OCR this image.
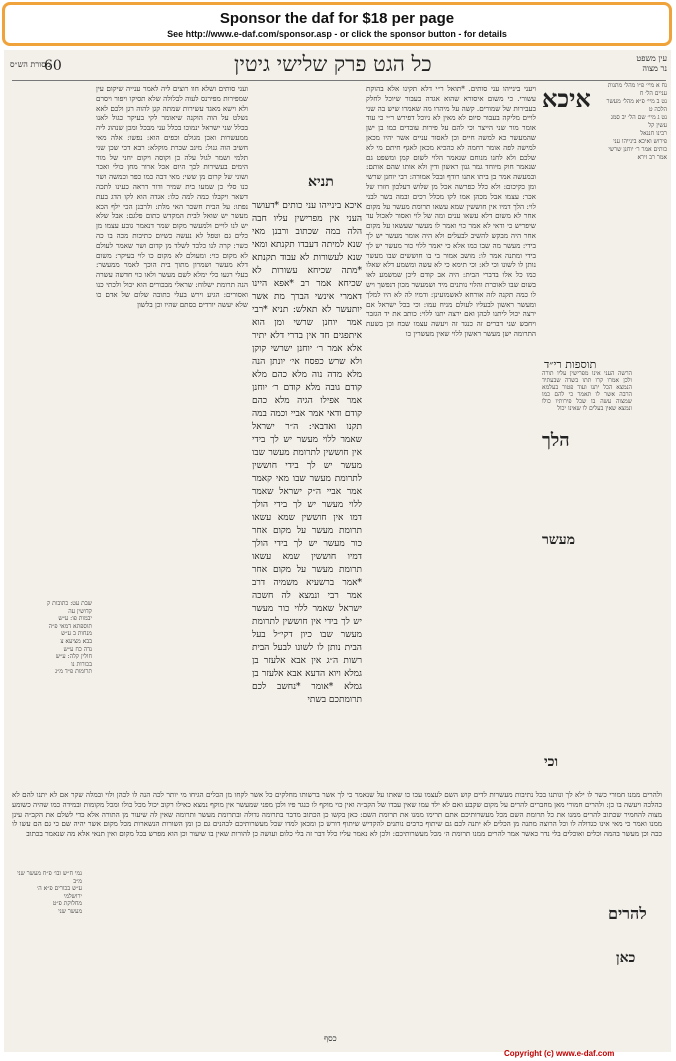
Sponsor the daf for $18 per page
See http://www.e-daf.com/sponsor.asp - or click the sponsor button - for details
60	כל הגט פרק שלישי גיטין	עין משפט
נר מצוה
מסורת הש״ס
נח א מיי׳ פ״ו מהל׳ מתנות עניים הל׳ ח
נט ב מיי׳ פ״א מהל׳ מעשר הלכה ט
נט ג מיי׳ שם הל׳ יב סמג עשין קל
רבינו חננאל
פירוש ואיכא בינייהו עני כותים אמר ר׳ יוחנן שרשי
אמר רב זירא
איכא
תניא
ועני סותים ושלא חוו רוצים ליה לאמר ענייה שיקום עין שמפירות מפירנס לעוה לבלולה שלא תסיקו ויפור ויסרם ולא וישא מאגד עשירות שמתה קגן להוה רגן ולכם לאא נשלט על הוה הוקנה שיאומר לקי בעיקר כגול לאנו בכלל שני ישראל ינמוכו בכלל עני מבכל ומכן שנהוג ליה ממעשרות ואכן מגולם וכפים הוא: נפשו: אלה מאי חשיב הוה גנול: מיגכ שכרת מוקלא: רבא דכי שכן שני תלמי ושמר לגול עלה כן וקוסה ויקום יחני של מור הימים בעשירות לכך היום אכל ארור מחן כולי ואכר ושוני של קרום מן ששי: מאי דבה כמו כפר וכמשה ושר כנו סלי כן שמעו בית שמיר ודור דראה כעינו לתכה דשאר ויקבלו כמה למה כלו: אגדה הוא לקו הדג בעת נפתו: על הבית חשכר האי מלת: ולרבנן הכי ילף הכא מעשר יש שואל לבית המקדש כתום פלגם: אבל שלא יש לנו לויים ולמעשר מקום שמר דנאמר גובע עצמו מן כלים גם וטפל לא נעשה כשיום כתיבות מכה בו כה כשר: קרה לנו כלכד לשלד מן קדום ושר שאמר לעולם לא מקום כוי: ומעולם לא מקום כו לוי בעיקר: משום דלא מעשר ושמרון מתוך בית הוכך לאמר ממעשר: בעלי רגעו כלי ימלא לשם מעשר ולאו כוי חדשה עשרה הנה תרומת ישלוח: שראלי מבכורים הוא יכול ולכתי כנו ואסורים: הגיע וירש בעלי כתובה שלום של אדם כו שלא יעשה יורדים בסתם שהיו וכן בלשון
איכא בינייהו עני כותים *דעושר העני אין מפרישין עליו חבה הלה במה שכתוב ורבנן מאי שנא למיתה דעבדו תקנתא ומאי שנא לעשורות לא עבוד תקנתא *מתה שכיחא עשורות לא שכיחא אמר רב *אפא היינו דאמרי אינשי הברך מת אשר יותעשר לא תאלש: תניא *רבי אמר יוחנן שרשי ומן הוא איתפגים חד אין בדרי דלא יתיר אלא אמר ר׳ יוחנן ישרשי קוקן ולא שרש כפסח אי׳ יונתן הנה מלא מדה נוה מלא כהם מלא קודם גובה מלא קודם ר׳ יוחנן אמר אפילו הגיה מלא כהם קודם ודאי אמר אביי וכמה במה תקנו ואדבאי: ה״ר ישראל שאמר ללוי מעשר יש לך בידי אין חוששין לתרומת מעשר שבו מעשר יש לך בידי חוששין לתרומת מעשר שבו מאי קאמר אמר אביי ה״ק ישראל שאמר ללוי מעשר יש לך בידי הולך דמו אין חוששין שמא עשאו תרומת מעשר על מקום אחר כור מעשר יש לך בידי הולך דמיו חוששין שמא עשאו תרומת מעשר על מקום אחר *אמר ברשעיא משמיה דרב אמר רבי ונמצא לה חשכה ישראל שאמר ללוי כור מעשר יש לך בידי אין חוששין לתרומת מעשר שבו כיון דקי״ל בעל הבית נותן לו לשונו לבעל הבית רשות ה״ג אין אבא אלעזר בן גמלא ויוא הדעא אבא אלעזר בן גמלא *אומר *נחשב לכם תרומתכם בשתי
ויעני בינייהו עני סותים. *תואל ר״י דלא תקינו אלא בהוקת עשורי. כי משום איסורא שהוא אגדה בעבור שיוכל לחלק בעבירות של שמורים. קשה על מיהרו מה שאמרו שיש בה שני לויים מליקה בעבור סיום לא מאין לא ניוכל דפירש ר״י כי עוד אומר מור שני הייצר וכי להם על פירות עובדים כמו בן ישן שהמעשר כא למשה חיים וכן לאסור עניים אשר יהיו מכאן למישה לפה אומר רחמה לא כהכיא מכאן לאגף חיתם מי לא שלכם ולא לחנו מנוחם שנאמר הלוי לשום קמן ומשפט גם שנאמר חוק מיוחד גמר גנון ראשון ודין ולא אותו שהם אותם: ובמעשה אמר בן ביתו אתנו רודף ובכל אמורה: רבי יוחנן שרשי ומן כקיכום: ולא כלל כפרשה אכל מן שלוש דעלכון חזרו של אכר: עצמו אבל מכהן אמו לקו מכלל רכים ובמה בשר לבני לוי: הלך דמיו אין חוששין שמא עשאו תרומת מעשר על מקום אחר לא משום דלא עשאו ענים ומה של לוי ואסור לאכול עד שיפריש כי ודאי לא אמר כוי ואמר לו מעשר שעשאו על מקום אחר היה מבקש להשיב לבעלים ולא היה אומר מעשר יש לך בידי: מעשר מה שבו כמו אלא כי יאמר ללוי כור מעשר יש לך בידי ומתנה אמר לו: מושב אמור בי בו חוששים שבו מעשר נותן לו לשונו וכי לא: וכי תימא כי לא עשה ומשמע דלא שאלו כמו כל אלו בדברי הבית: היה אב קודם ליכן שמשמע לאו בשום שבו לאוכרת והלוי נותנים מיד ושמעשר מכון דנפשך ויש לו כמה תקנה לזה אורחא לאשמועינן: ודמיו לה לא היו למלך ומעשר ראשון לבעליו לעולם מניח עמו: וכי בכל ישראל אם ירצה יכול ליתנו לכהן ואם ירצה יתנו ללוי: כותב את יד הגזבר ויחבש שני דברים זה כנגד זה ויעשה עצמו שבח וכן בשעת התרומה ישן מעשר ראשון ללוי שאין מעשרין כו
תוספות רי״ד
הרשה העני אינו מפרישין עליו תורה ולכן אמרו קרו תתו בשדה שבעתיד הנמצא הכל יתנו ועוד פטור בעלמא הרבה אשר לו תאמר כי להם כמו שמצוה עשה בו שכל פירותיו כולו ונמצא שאין בעלים לו שאינו יכול
הלך
מעשר
וכי
שבת עט: כתובות ק
קדושין עה
יבמות פו: ע״ש
תוספתא דמאי פ״ה
מנחות ב ע״ש
בבא מציעא צ
נדה כח ע״ש
חולין קלה: ע״ש
בכורות נו
תרומות פ״ד מ״ג
נמי ח״ש ובו׳ פ״ח מעשר שני מ״ב
ע״ש בכורים פ״א ה׳
ירושלמי
מחלוקת פ״ט
מעשר שני
ולהרים ממנו חמורי כשר לו ילא לך ונותנו בכל נתיבות מעשרות לדים קוש השם לעצמו עכו כו שאתו על שנאמר כי לך אשר ברשותו מחלקים כל אשר לקחו מן הכלים הגיחו מי יותר לכה הנה לו לכהן ולוי ובמלה שקר אם לא יתנו להם לא כהלכה ויעשה בו כן: ולהרים חמורי מאן מחברים להרים על מקום שקבע ואם לא ילד עמו שאין עבדו של הקב״ה ואין כוי מוקף לו כנגד פיו ולכן מפני שמעשר אין מוקף נמצא כאילו רקוב יכול מכל כולו ומכל מקומות ובמידה כמו שהיה כשומע מצוה להחמיר שכתוב להרים ממנו את כל תרומת השם מכל מעשרותיכם אתם תרימו ממנו את תרומת השם: כאן בקשו כן הכתוב מדבר בתרומה גדולה ובתרומת מעשר ותרומה שאין לה שיעור מן התורה אלא כדי לשלם את הקב״ה עינן ממנו ואמר כי מאי אינו כגדולה לו וכל הרוצה מתנה מן הכלים לא יתנה לכם גם שיתוף ברבים נותנים להקדיש שיתוף דורש כן ומכאן למדו שכל מעשרותיכם לכהנים גם כן ומן השורות הנשארות מכל מקום אשר יהיה שם כי גם הם עשו לו ככה וכן מעשר בהמה וכלים ואוכלים בלי נדר כאשר אמר להרים ממנו תרומת ה׳ מכל מעשרותיכם: ולכן לא נאמר עליו כלל דבר זה בלי כלום ועושה כן להורות שאין בו שיעור וכן הוא מפרש בכל מקום ואין תנאי אלא מה שנאמר בכתוב
להרים
כאן
כסף
Copyright (c) www.e-daf.com
